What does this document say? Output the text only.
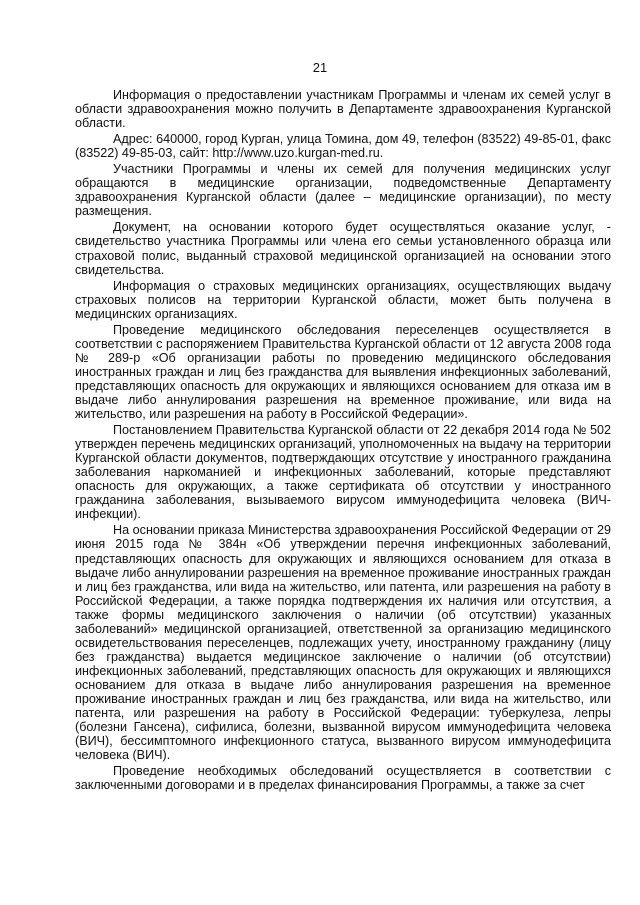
21

Информация о предоставлении участникам Программы и членам их семей услуг в области здравоохранения можно получить в Департаменте здравоохранения Курганской области.

Адрес: 640000, город Курган, улица Томина, дом 49, телефон (83522) 49-85-01, факс (83522) 49-85-03, сайт: http://www.uzo.kurgan-med.ru.

Участники Программы и члены их семей для получения медицинских услуг обращаются в медицинские организации, подведомственные Департаменту здравоохранения Курганской области (далее – медицинские организации), по месту размещения.

Документ, на основании которого будет осуществляться оказание услуг, - свидетельство участника Программы или члена его семьи установленного образца или страховой полис, выданный страховой медицинской организацией на основании этого свидетельства.

Информация о страховых медицинских организациях, осуществляющих выдачу страховых полисов на территории Курганской области, может быть получена в медицинских организациях.

Проведение медицинского обследования переселенцев осуществляется в соответствии с распоряжением Правительства Курганской области от 12 августа 2008 года № 289-р «Об организации работы по проведению медицинского обследования иностранных граждан и лиц без гражданства для выявления инфекционных заболеваний, представляющих опасность для окружающих и являющихся основанием для отказа им в выдаче либо аннулирования разрешения на временное проживание, или вида на жительство, или разрешения на работу в Российской Федерации».

Постановлением Правительства Курганской области от 22 декабря 2014 года № 502 утвержден перечень медицинских организаций, уполномоченных на выдачу на территории Курганской области документов, подтверждающих отсутствие у иностранного гражданина заболевания наркоманией и инфекционных заболеваний, которые представляют опасность для окружающих, а также сертификата об отсутствии у иностранного гражданина заболевания, вызываемого вирусом иммунодефицита человека (ВИЧ-инфекции).

На основании приказа Министерства здравоохранения Российской Федерации от 29 июня 2015 года № 384н «Об утверждении перечня инфекционных заболеваний, представляющих опасность для окружающих и являющихся основанием для отказа в выдаче либо аннулировании разрешения на временное проживание иностранных граждан и лиц без гражданства, или вида на жительство, или патента, или разрешения на работу в Российской Федерации, а также порядка подтверждения их наличия или отсутствия, а также формы медицинского заключения о наличии (об отсутствии) указанных заболеваний» медицинской организацией, ответственной за организацию медицинского освидетельствования переселенцев, подлежащих учету, иностранному гражданину (лицу без гражданства) выдается медицинское заключение о наличии (об отсутствии) инфекционных заболеваний, представляющих опасность для окружающих и являющихся основанием для отказа в выдаче либо аннулирования разрешения на временное проживание иностранных граждан и лиц без гражданства, или вида на жительство, или патента, или разрешения на работу в Российской Федерации: туберкулеза, лепры (болезни Гансена), сифилиса, болезни, вызванной вирусом иммунодефицита человека (ВИЧ), бессимптомного инфекционного статуса, вызванного вирусом иммунодефицита человека (ВИЧ).

Проведение необходимых обследований осуществляется в соответствии с заключенными договорами и в пределах финансирования Программы, а также за счет
